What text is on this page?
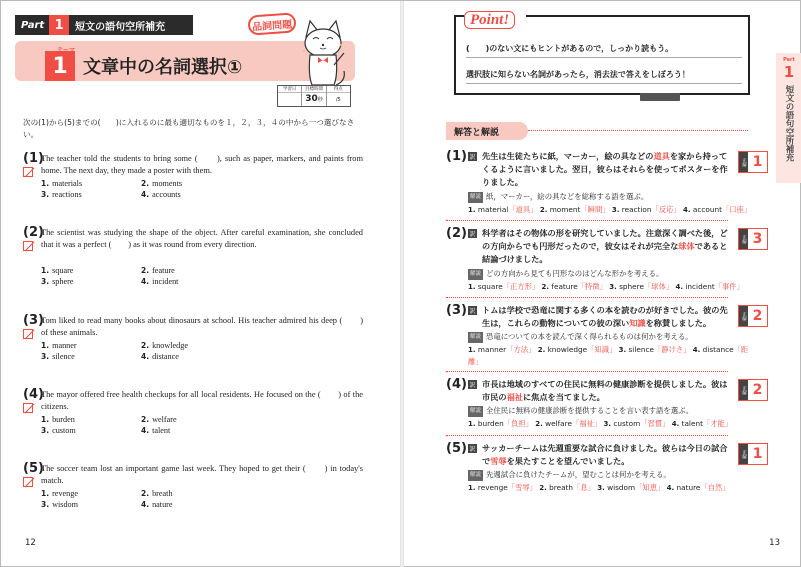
Part 1	短文の語句空所補充
1 文章中の名詞選択①
品詞問題
学習日	目標時間
30秒
得点
/5
次の(1)から(5)までの(　　)に入れるのに最も適切なものを１，２，３，４の中から一つ選びなさい。
(1)
The teacher told the students to bring some (　　), such as paper, markers, and paints from home. The next day, they made a poster with them.
1. materials	2. moments
3. reactions	4. accounts
(2)
The scientist was studying the shape of the object. After careful examination, she concluded that it was a perfect (　　) as it was round from every direction.
1. square	2. feature
3. sphere	4. incident
(3)
Tom liked to read many books about dinosaurs at school. His teacher admired his deep (　　) of these animals.
1. manner	2. knowledge
3. silence	4. distance
(4)
The mayor offered free health checkups for all local residents. He focused on the (　　) of the citizens.
1. burden	2. welfare
3. custom	4. talent
(5)
The soccer team lost an important game last week. They hoped to get their (　　) in today's match.
1. revenge	2. breath
3. wisdom	4. nature
12
Point!
(　　)のない文にもヒントがあるので，しっかり読もう。
選択肢に知らない名詞があったら，消去法で答えをしぼろう！
Part
1
短文の語句空所補充
解答と解説
(1) 訳 先生は生徒たちに紙，マーカー，絵の具などの道具を家から持ってくるように言いました。翌日，彼らはそれらを使ってポスターを作りました。
解説 紙，マーカー，絵の具などを総称する語を選ぶ。
1. material「道具」 2. moment「瞬間」 3. reaction「反応」 4. account「口座」
正解 1
(2) 訳 科学者はその物体の形を研究していました。注意深く調べた後，どの方向からでも円形だったので，彼女はそれが完全な球体であると結論づけました。
解説 どの方向から見ても円形なのはどんな形かを考える。
1. square「正方形」 2. feature「特徴」 3. sphere「球体」 4. incident「事件」
正解 3
(3) 訳 トムは学校で恐竜に関する多くの本を読むのが好きでした。彼の先生は，これらの動物についての彼の深い知識を称賛しました。
解説 恐竜についての本を読んで深く得られるものは何かを考える。
1. manner「方法」 2. knowledge「知識」 3. silence「静けさ」 4. distance「距離」
正解 2
(4) 訳 市長は地域のすべての住民に無料の健康診断を提供しました。彼は市民の福祉に焦点を当てました。
解説 全住民に無料の健康診断を提供することを言い表す語を選ぶ。
1. burden「負担」 2. welfare「福祉」 3. custom「習慣」 4. talent「才能」
正解 2
(5) 訳 サッカーチームは先週重要な試合に負けました。彼らは今日の試合で雪辱を果たすことを望んでいました。
解説 先週試合に負けたチームが，望むことは何かを考える。
1. revenge「雪辱」 2. breath「息」 3. wisdom「知恵」 4. nature「自然」
正解 1
13
